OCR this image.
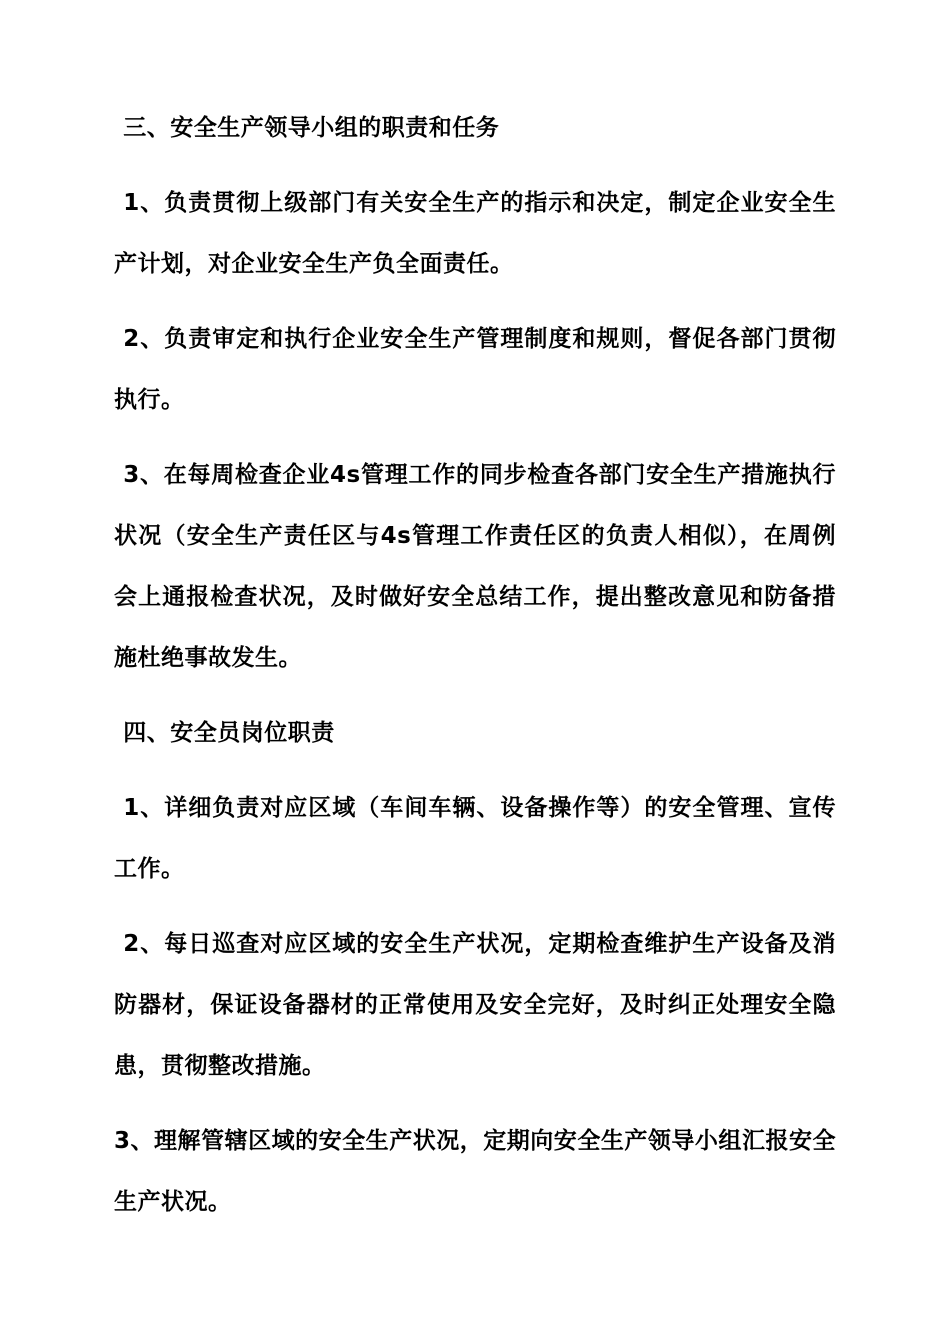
三、安全生产领导小组的职责和任务

1、负责贯彻上级部门有关安全生产的指示和决定，制定企业安全生产计划，对企业安全生产负全面责任。

2、负责审定和执行企业安全生产管理制度和规则，督促各部门贯彻执行。

3、在每周检查企业4s管理工作的同步检查各部门安全生产措施执行状况（安全生产责任区与4s管理工作责任区的负责人相似），在周例会上通报检查状况，及时做好安全总结工作，提出整改意见和防备措施杜绝事故发生。

四、安全员岗位职责

1、详细负责对应区域（车间车辆、设备操作等）的安全管理、宣传工作。

2、每日巡查对应区域的安全生产状况，定期检查维护生产设备及消防器材，保证设备器材的正常使用及安全完好，及时纠正处理安全隐患，贯彻整改措施。

3、理解管辖区域的安全生产状况，定期向安全生产领导小组汇报安全生产状况。
